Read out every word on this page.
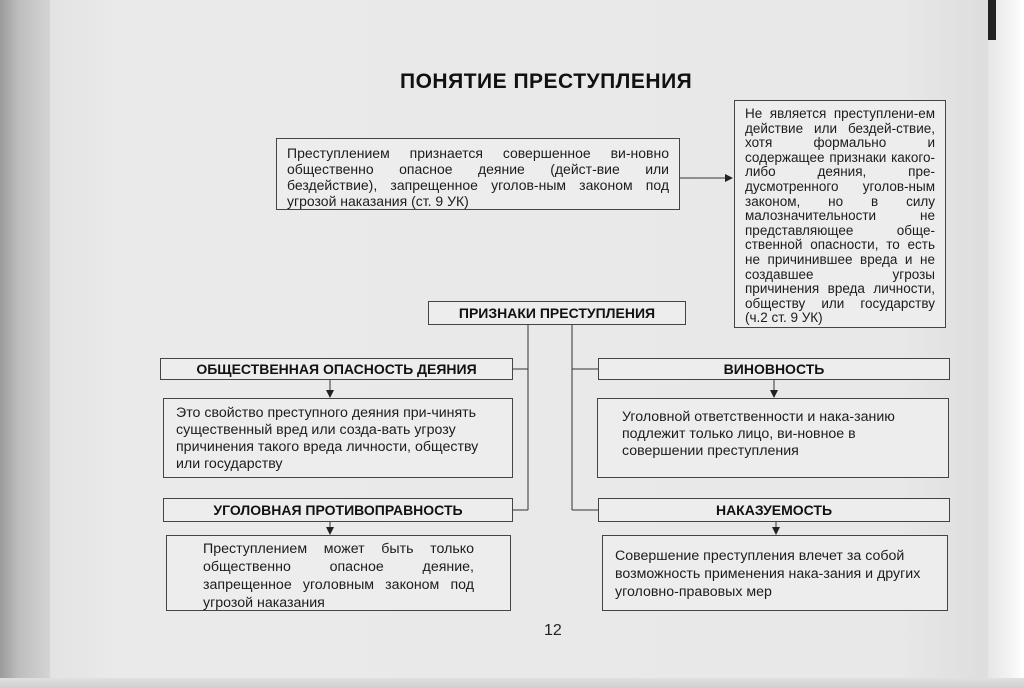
ПОНЯТИЕ ПРЕСТУПЛЕНИЯ
Преступлением признается совершенное ви-новно общественно опасное деяние (дейст-вие или бездействие), запрещенное уголов-ным законом под угрозой наказания (ст. 9 УК)
Не является преступлени-ем действие или бездей-ствие, хотя формально и содержащее признаки какого-либо деяния, пре-дусмотренного уголов-ным законом, но в силу малозначительности не представляющее обще-ственной опасности, то есть не причинившее вреда и не создавшее угрозы причинения вреда личности, обществу или государству (ч.2 ст. 9 УК)
ПРИЗНАКИ ПРЕСТУПЛЕНИЯ
ОБЩЕСТВЕННАЯ ОПАСНОСТЬ ДЕЯНИЯ
Это свойство преступного деяния при-чинять существенный вред или созда-вать угрозу причинения такого вреда личности, обществу или государству
ВИНОВНОСТЬ
Уголовной ответственности и нака-занию подлежит только лицо, ви-новное в совершении преступления
УГОЛОВНАЯ ПРОТИВОПРАВНОСТЬ
Преступлением может быть только общественно опасное деяние, запрещенное уголовным законом под угрозой наказания
НАКАЗУЕМОСТЬ
Совершение преступления влечет за собой возможность применения нака-зания и других уголовно-правовых мер
12
